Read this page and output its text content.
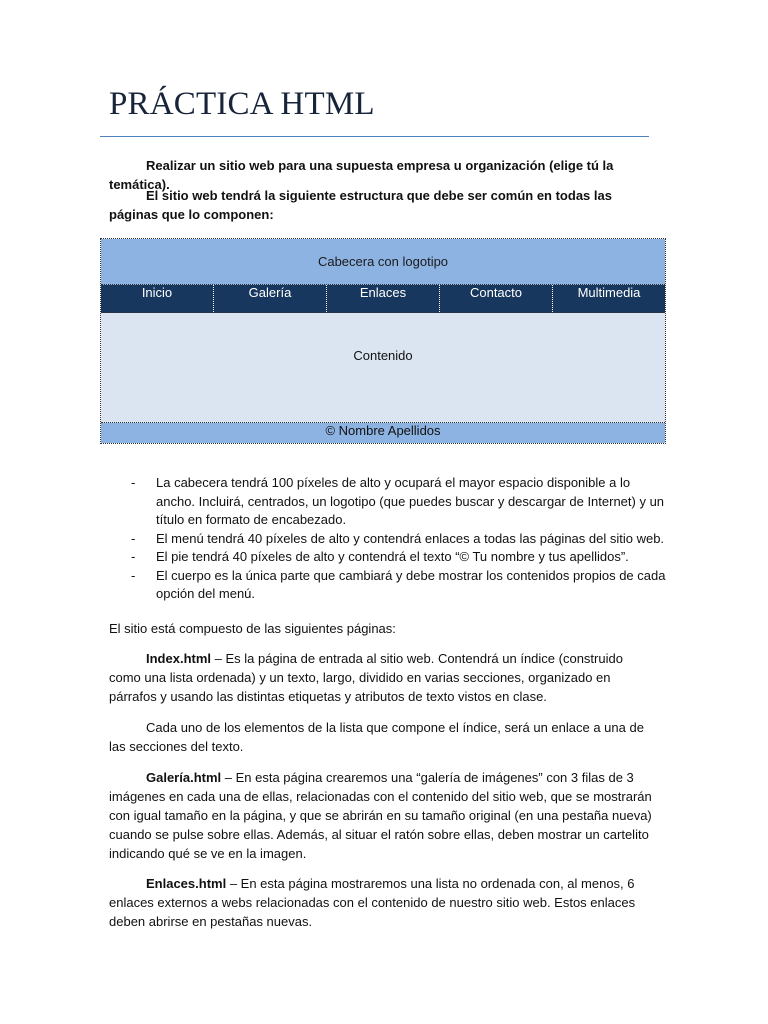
PRÁCTICA HTML

Realizar un sitio web para una supuesta empresa u organización (elige tú la temática).

El sitio web tendrá la siguiente estructura que debe ser común en todas las páginas que lo componen:

Cabecera con logotipo
Inicio	Galería	Enlaces	Contacto	Multimedia
Contenido
© Nombre Apellidos
- La cabecera tendrá 100 píxeles de alto y ocupará el mayor espacio disponible a lo ancho. Incluirá, centrados, un logotipo (que puedes buscar y descargar de Internet) y un título en formato de encabezado.
- El menú tendrá 40 píxeles de alto y contendrá enlaces a todas las páginas del sitio web.
- El pie tendrá 40 píxeles de alto y contendrá el texto “© Tu nombre y tus apellidos”.
- El cuerpo es la única parte que cambiará y debe mostrar los contenidos propios de cada opción del menú.

El sitio está compuesto de las siguientes páginas:

Index.html – Es la página de entrada al sitio web. Contendrá un índice (construido como una lista ordenada) y un texto, largo, dividido en varias secciones, organizado en párrafos y usando las distintas etiquetas y atributos de texto vistos en clase.

Cada uno de los elementos de la lista que compone el índice, será un enlace a una de las secciones del texto.

Galería.html – En esta página crearemos una “galería de imágenes” con 3 filas de 3 imágenes en cada una de ellas, relacionadas con el contenido del sitio web, que se mostrarán con igual tamaño en la página, y que se abrirán en su tamaño original (en una pestaña nueva) cuando se pulse sobre ellas. Además, al situar el ratón sobre ellas, deben mostrar un cartelito indicando qué se ve en la imagen.

Enlaces.html – En esta página mostraremos una lista no ordenada con, al menos, 6 enlaces externos a webs relacionadas con el contenido de nuestro sitio web. Estos enlaces deben abrirse en pestañas nuevas.
